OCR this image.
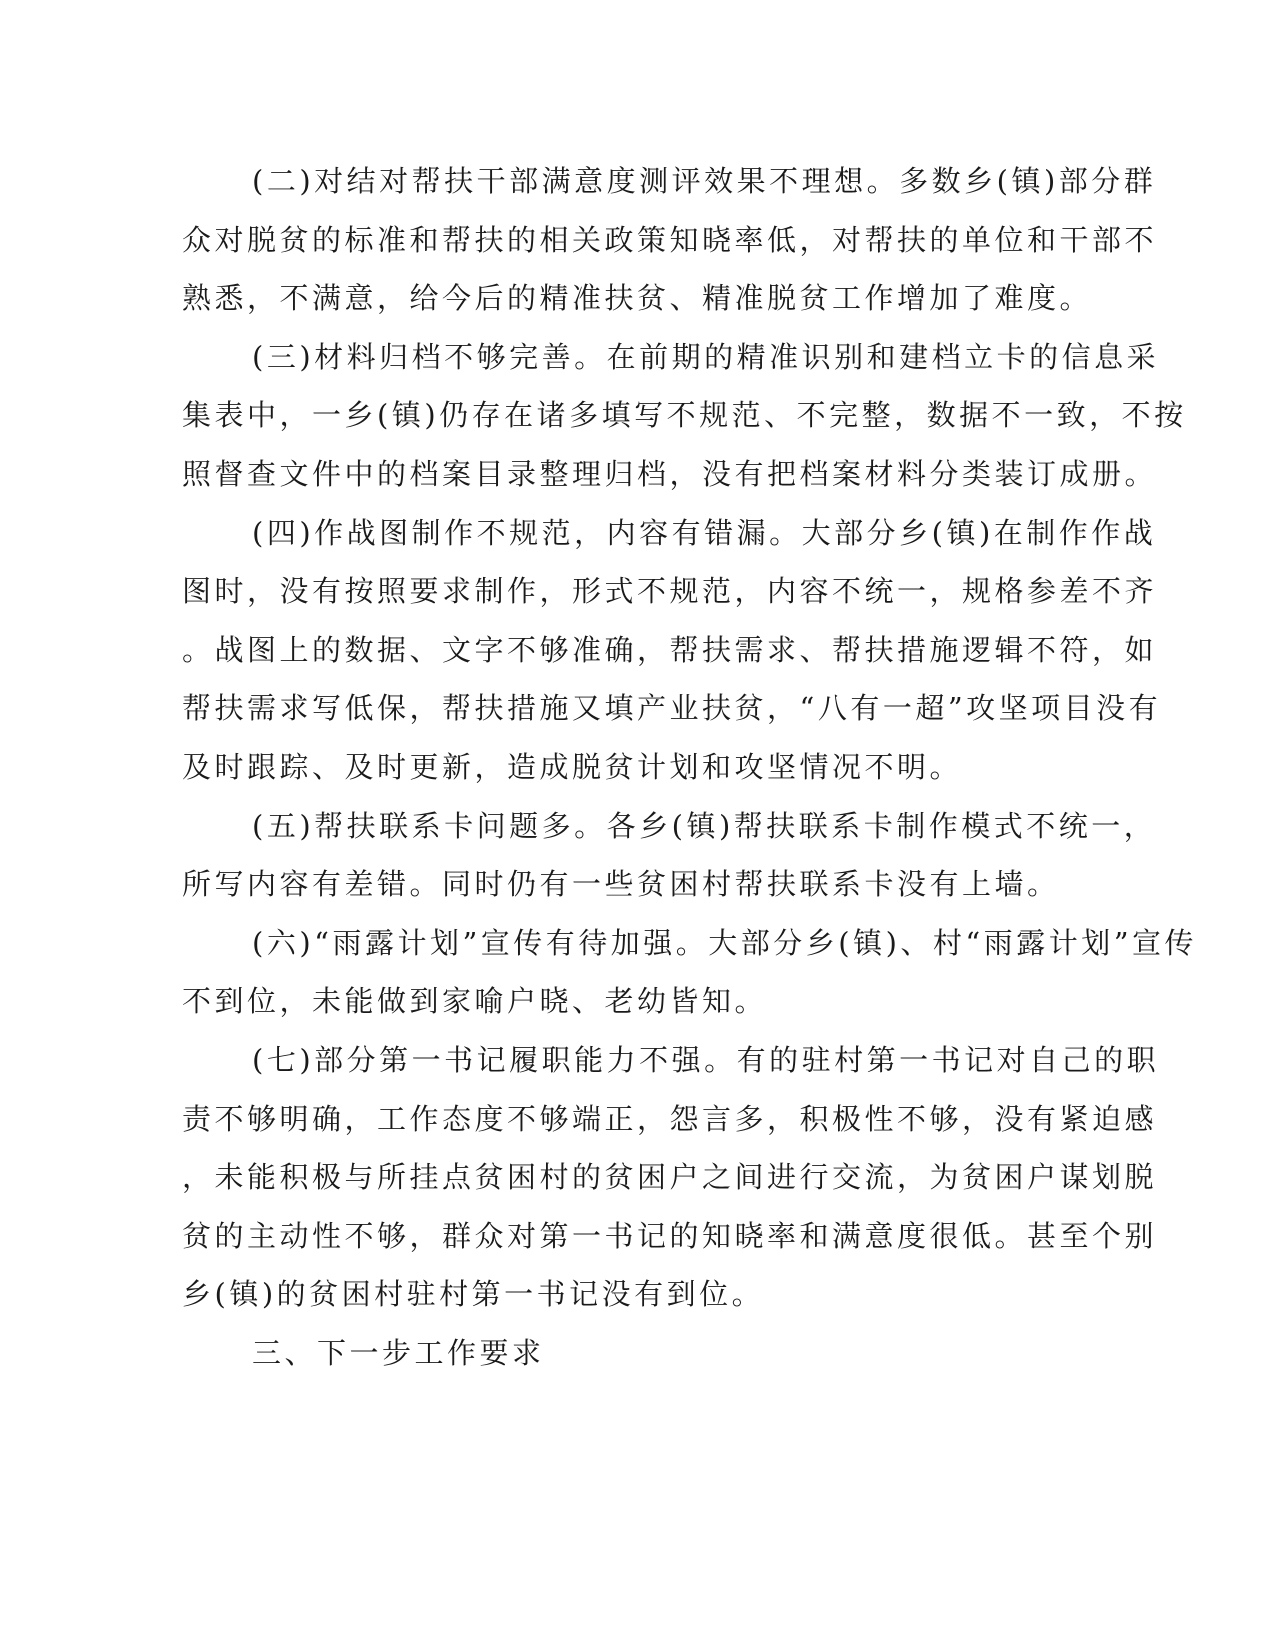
(二)对结对帮扶干部满意度测评效果不理想。多数乡(镇)部分群
众对脱贫的标准和帮扶的相关政策知晓率低，对帮扶的单位和干部不
熟悉，不满意，给今后的精准扶贫、精准脱贫工作增加了难度。

(三)材料归档不够完善。在前期的精准识别和建档立卡的信息采
集表中，一乡(镇)仍存在诸多填写不规范、不完整，数据不一致，不按
照督查文件中的档案目录整理归档，没有把档案材料分类装订成册。

(四)作战图制作不规范，内容有错漏。大部分乡(镇)在制作作战
图时，没有按照要求制作，形式不规范，内容不统一，规格参差不齐
。战图上的数据、文字不够准确，帮扶需求、帮扶措施逻辑不符，如
帮扶需求写低保，帮扶措施又填产业扶贫，“八有一超”攻坚项目没有
及时跟踪、及时更新，造成脱贫计划和攻坚情况不明。

(五)帮扶联系卡问题多。各乡(镇)帮扶联系卡制作模式不统一，
所写内容有差错。同时仍有一些贫困村帮扶联系卡没有上墙。

(六)“雨露计划”宣传有待加强。大部分乡(镇)、村“雨露计划”宣传
不到位，未能做到家喻户晓、老幼皆知。

(七)部分第一书记履职能力不强。有的驻村第一书记对自己的职
责不够明确，工作态度不够端正，怨言多，积极性不够，没有紧迫感
，未能积极与所挂点贫困村的贫困户之间进行交流，为贫困户谋划脱
贫的主动性不够，群众对第一书记的知晓率和满意度很低。甚至个别
乡(镇)的贫困村驻村第一书记没有到位。

三、下一步工作要求
